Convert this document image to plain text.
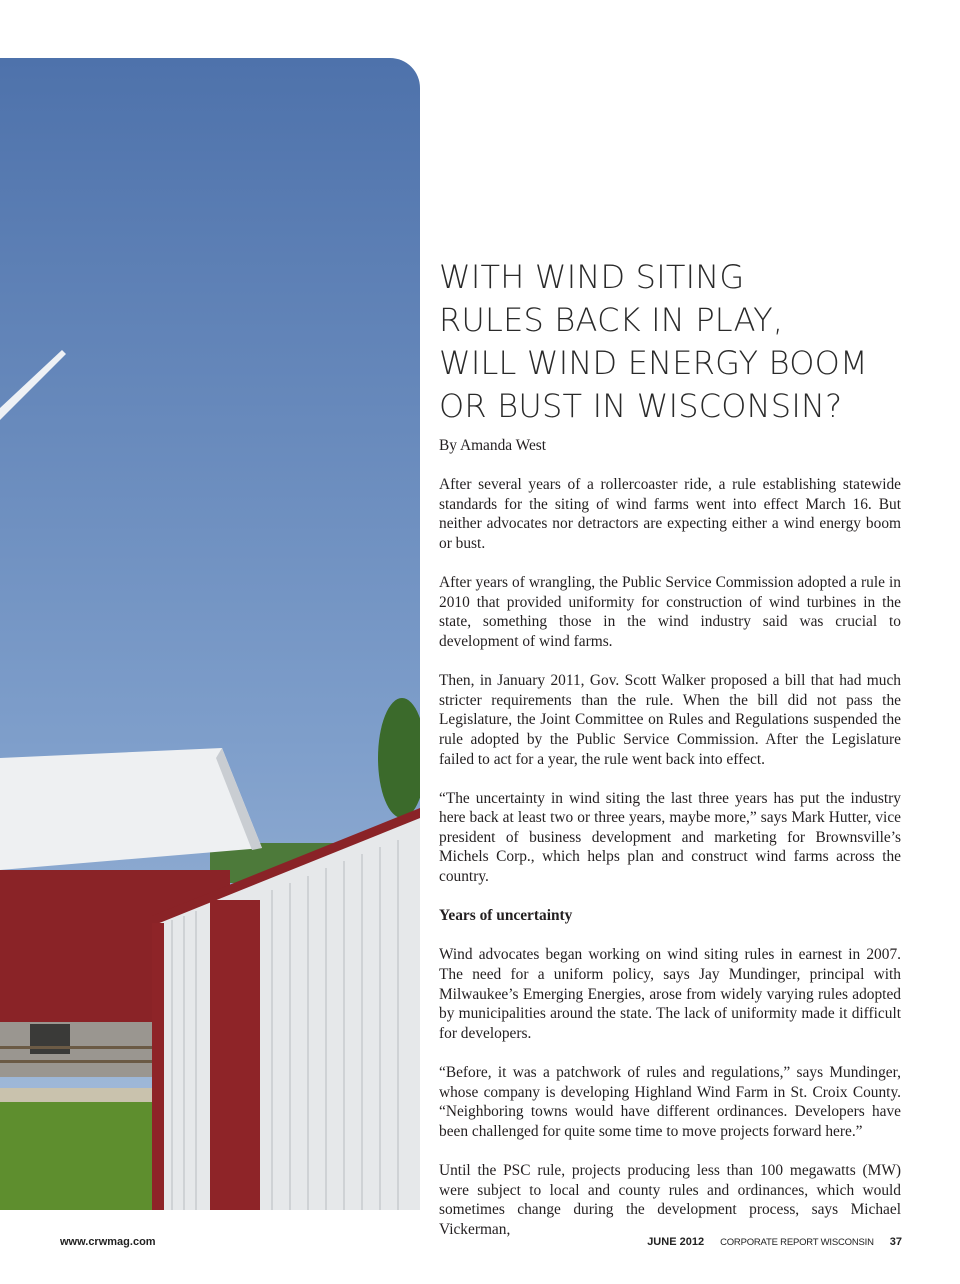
WITH WIND SITING
RULES BACK IN PLAY,
WILL WIND ENERGY BOOM
OR BUST IN WISCONSIN?

By Amanda West

After several years of a rollercoaster ride, a rule establishing statewide standards for the siting of wind farms went into effect March 16. But neither advocates nor detractors are expecting either a wind energy boom or bust.

After years of wrangling, the Public Service Commission adopted a rule in 2010 that provided uniformity for construction of wind turbines in the state, something those in the wind industry said was crucial to development of wind farms.

Then, in January 2011, Gov. Scott Walker proposed a bill that had much stricter requirements than the rule. When the bill did not pass the Legislature, the Joint Committee on Rules and Regulations suspended the rule adopted by the Public Service Commission. After the Legislature failed to act for a year, the rule went back into effect.

“The uncertainty in wind siting the last three years has put the industry here back at least two or three years, maybe more,” says Mark Hutter, vice president of business development and marketing for Brownsville’s Michels Corp., which helps plan and construct wind farms across the country.

Years of uncertainty

Wind advocates began working on wind siting rules in earnest in 2007. The need for a uniform policy, says Jay Mundinger, principal with Milwaukee’s Emerging Energies, arose from widely varying rules adopted by municipalities around the state. The lack of uniformity made it difficult for developers.

“Before, it was a patchwork of rules and regulations,” says Mundinger, whose company is developing Highland Wind Farm in St. Croix County. “Neighboring towns would have different ordinances. Developers have been challenged for quite some time to move projects forward here.”

Until the PSC rule, projects producing less than 100 megawatts (MW) were subject to local and county rules and ordinances, which would sometimes change during the development process, says Michael Vickerman,

www.crwmag.com	JUNE 2012 CORPORATE REPORT WISCONSIN 37
